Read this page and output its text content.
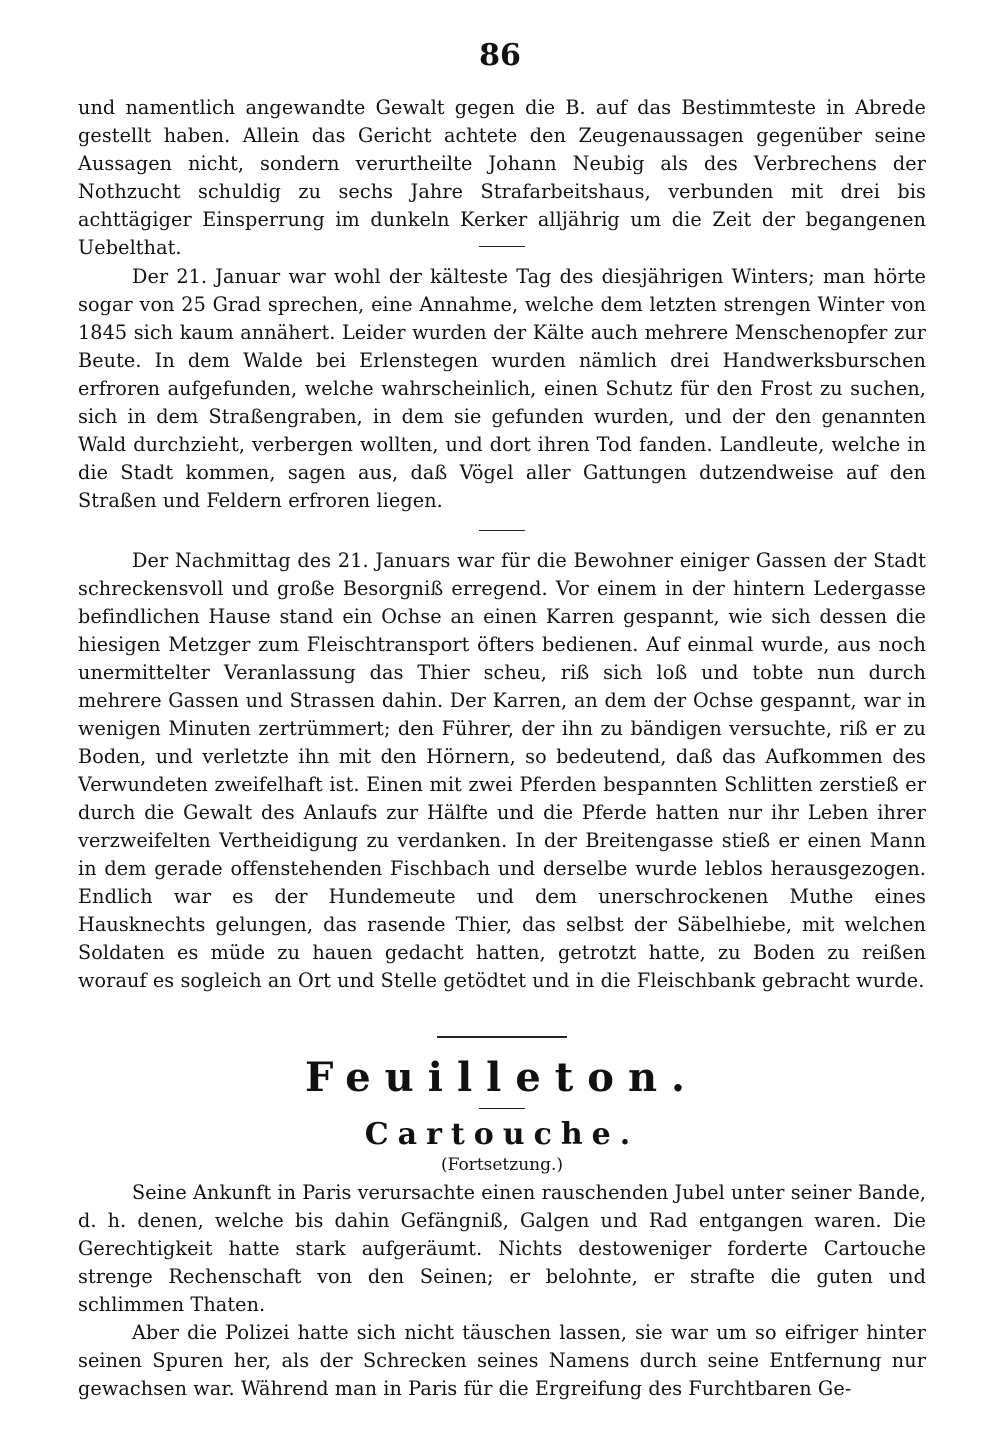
86

und namentlich angewandte Gewalt gegen die B. auf das Bestimmteste in Abrede gestellt haben. Allein das Gericht achtete den Zeugenaussagen gegenüber seine Aussagen nicht, sondern verurtheilte Johann Neubig als des Verbrechens der Nothzucht schuldig zu sechs Jahre Strafarbeitshaus, verbunden mit drei bis achttägiger Einsperrung im dunkeln Kerker alljährig um die Zeit der begangenen Uebelthat.

Der 21. Januar war wohl der kälteste Tag des diesjährigen Winters; man hörte sogar von 25 Grad sprechen, eine Annahme, welche dem letzten strengen Winter von 1845 sich kaum annähert. Leider wurden der Kälte auch mehrere Menschenopfer zur Beute. In dem Walde bei Erlenstegen wurden nämlich drei Handwerksburschen erfroren aufgefunden, welche wahrscheinlich, einen Schutz für den Frost zu suchen, sich in dem Straßengraben, in dem sie gefunden wurden, und der den genannten Wald durchzieht, verbergen wollten, und dort ihren Tod fanden. Landleute, welche in die Stadt kommen, sagen aus, daß Vögel aller Gattungen dutzendweise auf den Straßen und Feldern erfroren liegen.

Der Nachmittag des 21. Januars war für die Bewohner einiger Gassen der Stadt schreckensvoll und große Besorgniß erregend. Vor einem in der hintern Ledergasse befindlichen Hause stand ein Ochse an einen Karren gespannt, wie sich dessen die hiesigen Metzger zum Fleischtransport öfters bedienen. Auf einmal wurde, aus noch unermittelter Veranlassung das Thier scheu, riß sich loß und tobte nun durch mehrere Gassen und Strassen dahin. Der Karren, an dem der Ochse gespannt, war in wenigen Minuten zertrümmert; den Führer, der ihn zu bändigen versuchte, riß er zu Boden, und verletzte ihn mit den Hörnern, so bedeutend, daß das Aufkommen des Verwundeten zweifelhaft ist. Einen mit zwei Pferden bespannten Schlitten zerstieß er durch die Gewalt des Anlaufs zur Hälfte und die Pferde hatten nur ihr Leben ihrer verzweifelten Vertheidigung zu verdanken. In der Breitengasse stieß er einen Mann in dem gerade offenstehenden Fischbach und derselbe wurde leblos herausgezogen. Endlich war es der Hundemeute und dem unerschrockenen Muthe eines Hausknechts gelungen, das rasende Thier, das selbst der Säbelhiebe, mit welchen Soldaten es müde zu hauen gedacht hatten, getrotzt hatte, zu Boden zu reißen worauf es sogleich an Ort und Stelle getödtet und in die Fleischbank gebracht wurde.

Feuilleton.
Cartouche.

(Fortsetzung.)

Seine Ankunft in Paris verursachte einen rauschenden Jubel unter seiner Bande, d. h. denen, welche bis dahin Gefängniß, Galgen und Rad entgangen waren. Die Gerechtigkeit hatte stark aufgeräumt. Nichts destoweniger forderte Cartouche strenge Rechenschaft von den Seinen; er belohnte, er strafte die guten und schlimmen Thaten.

Aber die Polizei hatte sich nicht täuschen lassen, sie war um so eifriger hinter seinen Spuren her, als der Schrecken seines Namens durch seine Entfernung nur gewachsen war. Während man in Paris für die Ergreifung des Furchtbaren Ge-
